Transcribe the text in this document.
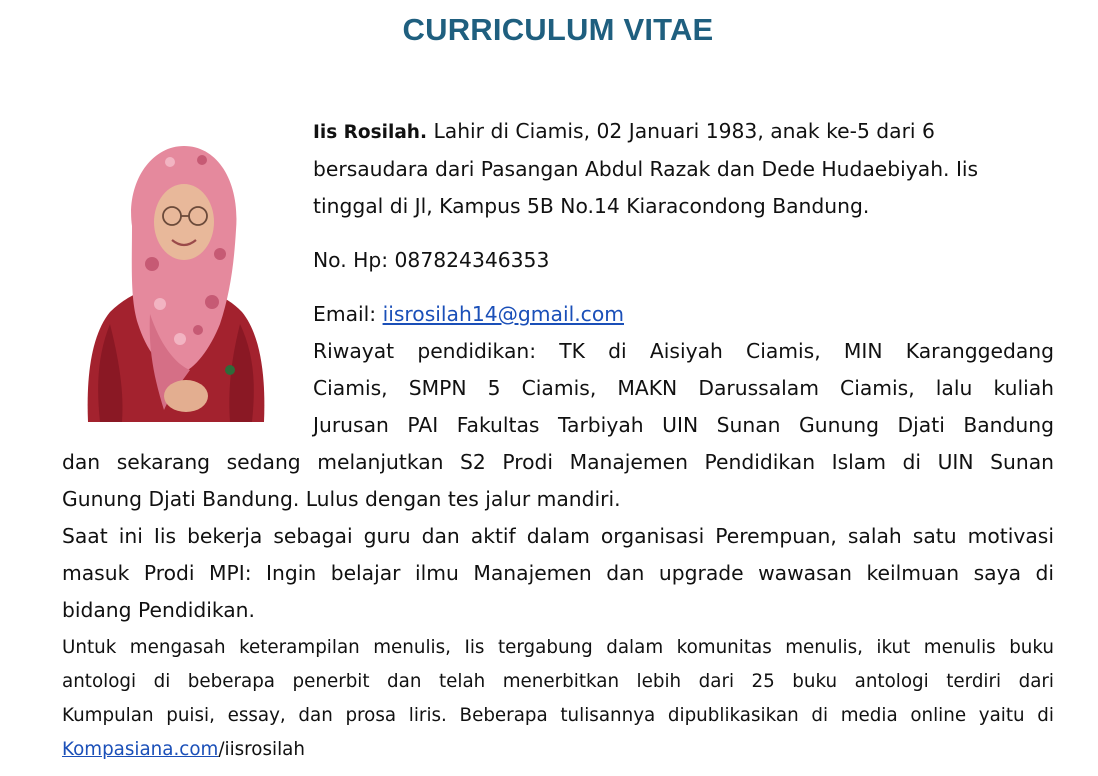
CURRICULUM VITAE
Iis Rosilah. Lahir di Ciamis, 02 Januari 1983, anak ke-5 dari 6
bersaudara dari Pasangan Abdul Razak dan Dede Hudaebiyah. Iis
tinggal di Jl, Kampus 5B No.14 Kiaracondong Bandung.
No. Hp: 087824346353
Email: iisrosilah14@gmail.com
Riwayat pendidikan: TK di Aisiyah Ciamis, MIN Karanggedang
Ciamis, SMPN 5 Ciamis, MAKN Darussalam Ciamis, lalu kuliah
Jurusan PAI Fakultas Tarbiyah UIN Sunan Gunung Djati Bandung
dan sekarang sedang melanjutkan S2 Prodi Manajemen Pendidikan Islam di UIN Sunan
Gunung Djati Bandung. Lulus dengan tes jalur mandiri.
Saat ini Iis bekerja sebagai guru dan aktif dalam organisasi Perempuan, salah satu motivasi
masuk Prodi MPI: Ingin belajar ilmu Manajemen dan upgrade wawasan keilmuan saya di
bidang Pendidikan.
Untuk mengasah keterampilan menulis, Iis tergabung dalam komunitas menulis, ikut menulis buku
antologi di beberapa penerbit dan telah menerbitkan lebih dari 25 buku antologi terdiri dari
Kumpulan puisi, essay, dan prosa liris. Beberapa tulisannya dipublikasikan di media online yaitu di
Kompasiana.com/iisrosilah
